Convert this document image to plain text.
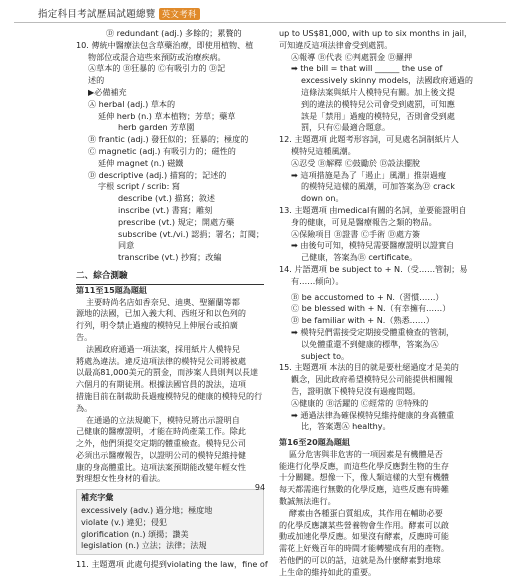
指定科目考試歷屆試題總覽 英文考科
Ⓓ redundant (adj.) 多餘的；累贅的
10. 傳統中醫療法包含草藥治療，即使用植物、植
物部位或混合這些來預防或治療疾病。
Ⓐ草本的 Ⓑ狂暴的 Ⓒ有吸引力的 Ⓓ記
述的
▶必備補充
Ⓐ herbal (adj.) 草本的
延伸 herb (n.) 草本植物；芳草；藥草
herb garden 芳草園
Ⓑ frantic (adj.) 發狂似的；狂暴的；極度的
Ⓒ magnetic (adj.) 有吸引力的；磁性的
延伸 magnet (n.) 磁鐵
Ⓓ descriptive (adj.) 描寫的；記述的
字根 script / scrib: 寫
describe (vt.) 描寫；敘述
inscribe (vt.) 書寫；雕刻
prescribe (vt.) 規定；開處方藥
subscribe (vt./vi.) 認捐；署名；訂閱；
同意
transcribe (vt.) 抄寫；改編
二、綜合測驗
第11至15題為題組
主要時尚名店如香奈兒、迪奧、聖羅蘭等都
源地的法國，已加入義大利、西班牙和以色列的
行列，明令禁止過瘦的模特兒上伸展台或拍廣
告。
法國政府通過一項法案，採用紙片人模特兒
將處為違法。違反這項法律的模特兒公司將被處
以最高81,000美元的罰金，而涉案人員則判以長達
六個月的有期徒刑。根據法國官員的說法，這項
措施目前在制裁助長過瘦模特兒的健康的模特兒的行
為。
在通過的立法規範下，模特兒將出示證明自
己健康的醫療證明，才能在時尚產業工作。除此
之外，他們須提交定期的體重檢查。模特兒公司
必須出示醫療報告，以證明公司的模特兒維持健
康的身高體重比。這項法案預期能改變年輕女性
對理想女性身材的看法。
補充字彙
excessively (adv.) 過分地；極度地
violate (v.) 違犯；侵犯
glorification (n.) 頌揚；讚美
legislation (n.) 立法；法律；法規
11. 主題選項 此處句提到violating the law，fine of
up to US$81,000, with up to six months in jail，
可知違反這項法律會受到處罰。
Ⓐ報導 Ⓑ代表 Ⓒ判處罰金 Ⓓ羅押
➡ the bill = that will ______ the use of
excessively skinny models，法國政府通過的
這條法案與紙片人模特兒有關。加上後文提
到的違法的模特兒公司會受到處罰，可知應
該是「禁用」過瘦的模特兒，否則會受到處
罰，只有Ⓒ最適合題意。
12. 主題選項 此題考形容詞，可見處名詞制紙片人
模特兒這種風潮。
Ⓐ忍受 Ⓑ解釋 Ⓒ鼓勵於 Ⓓ設法擺脫
➡ 這項措施是為了「遏止」風潮」推崇過瘦
的模特兒這樣的風潮，可加答案為Ⓓ crack
down on。
13. 主題選項 由medical有關的名詞，並要能證明自
身的健康，可見是醫療報告之類的物品。
Ⓐ保險項目 Ⓑ證書 Ⓒ手術 Ⓓ處方簽
➡ 由後句可知，模特兒需要醫療證明以證實自
己健康，答案為Ⓑ certificate。
14. 片語選項 be subject to + N.（受……管制；易
有……傾向）。
Ⓑ be accustomed to + N.（習慣……）
Ⓒ be blessed with + N.（有幸擁有……）
Ⓓ be familiar with + N.（熟悉……）
➡ 模特兒們需接受定期接受體重檢查的管制，
以免體重還不到健康的標準，答案為Ⓐ
subject to。
15. 主題選項 本法的目的就是要杜絕過度才是美的
觀念，因此政府希望模特兒公司能提供相關報
告，證明旗下模特兒沒有過瘦問題。
Ⓐ健康的 Ⓑ活躍的 Ⓒ經常的 Ⓓ特殊的
➡ 通過法律為確保模特兒維持健康的身高體重
比，答案選Ⓐ healthy。
第16至20題為題組
區分危害與非危害的一項因素是有機體是否
能進行化學反應，而這些化學反應對生物的生存
十分關鍵。想像一下，像人類這樣的大型有機體
每天都需進行無數的化學反應，這些反應有時難
數誠無法進行。
酵素由各種蛋白質組成，其作用在輔助必要
的化學反應讓某些營養物會生作用。酵素可以啟
動或加速化學反應。如果沒有酵素，反應時可能
需花上好幾百年的時間才能轉變成有用的產物。
若他們的可以的話，這就是為什麼酵素對地球
上生命的維持如此的重要。
94
